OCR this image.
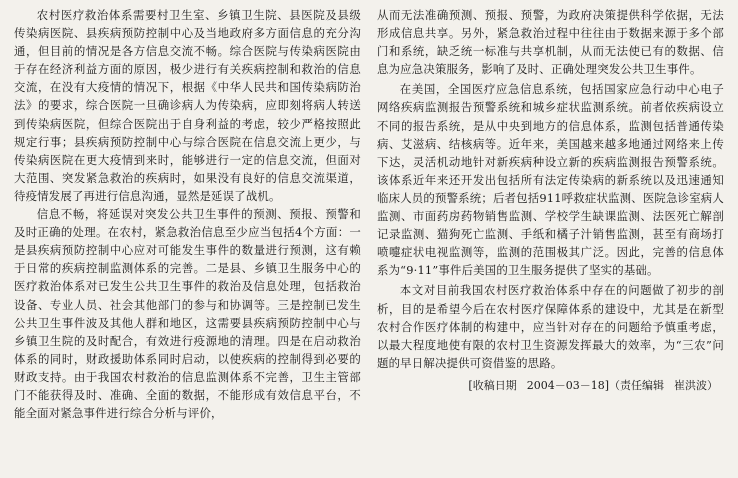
农村医疗救治体系需要村卫生室、乡镇卫生院、县医院及县级传染病医院、县疾病预防控制中心及当地政府多方面信息的充分沟通，但目前的情况是各方信息交流不畅。综合医院与传染病医院由于存在经济利益方面的原因，极少进行有关疾病控制和救治的信息交流，在没有大疫情的情况下，根据《中华人民共和国传染病防治法》的要求，综合医院一旦确诊病人为传染病，应即刻将病人转送到传染病医院，但综合医院出于自身利益的考虑，较少严格按照此规定行事；县疾病预防控制中心与综合医院在信息交流上更少，与传染病医院在更大疫情到来时，能够进行一定的信息交流，但面对大范围、突发紧急救治的疾病时，如果没有良好的信息交流渠道，待疫情发展了再进行信息沟通，显然是延误了战机。

信息不畅，将延误对突发公共卫生事件的预测、预报、预警和及时正确的处理。在农村，紧急救治信息至少应当包括4个方面：一是县疾病预防控制中心应对可能发生事件的数量进行预测，这有赖于日常的疾病控制监测体系的完善。二是县、乡镇卫生服务中心的医疗救治体系对已发生公共卫生事件的救治及信息处理，包括救治设备、专业人员、社会其他部门的参与和协调等。三是控制已发生公共卫生事件波及其他人群和地区，这需要县疾病预防控制中心与乡镇卫生院的及时配合，有效进行疫源地的清理。四是在启动救治体系的同时，财政援助体系同时启动，以使疾病的控制得到必要的财政支持。由于我国农村救治的信息监测体系不完善，卫生主管部门不能获得及时、准确、全面的数据，不能形成有效信息平台，不能全面对紧急事件进行综合分析与评价，

从而无法准确预测、预报、预警，为政府决策提供科学依据，无法形成信息共享。另外，紧急救治过程中往往由于数据来源于多个部门和系统，缺乏统一标准与共享机制，从而无法使已有的数据、信息为应急决策服务，影响了及时、正确处理突发公共卫生事件。

在美国，全国医疗应急信息系统，包括国家应急行动中心电子网络疾病监测报告预警系统和城乡症状监测系统。前者依疾病设立不同的报告系统，是从中央到地方的信息体系，监测包括普通传染病、艾滋病、结核病等。近年来，美国越来越多地通过网络来上传下达，灵活机动地针对新疾病种设立新的疾病监测报告预警系统。该体系近年来还开发出包括所有法定传染病的新系统以及迅速通知临床人员的预警系统；后者包括911呼救症状监测、医院急诊室病人监测、市面药房药物销售监测、学校学生缺课监测、法医死亡解剖记录监测、猫狗死亡监测、手纸和橘子汁销售监测，甚至有商场打喷嚏症状电视监测等，监测的范围极其广泛。因此，完善的信息体系为“9·11”事件后美国的卫生服务提供了坚实的基础。

本文对目前我国农村医疗救治体系中存在的问题做了初步的剖析，目的是希望今后在农村医疗保障体系的建设中，尤其是在新型农村合作医疗体制的构建中，应当针对存在的问题给予慎重考虑，以最大程度地使有限的农村卫生资源发挥最大的效率，为“三农”问题的早日解决提供可资借鉴的思路。

[收稿日期 2004－03－18]（责任编辑 崔洪波）
